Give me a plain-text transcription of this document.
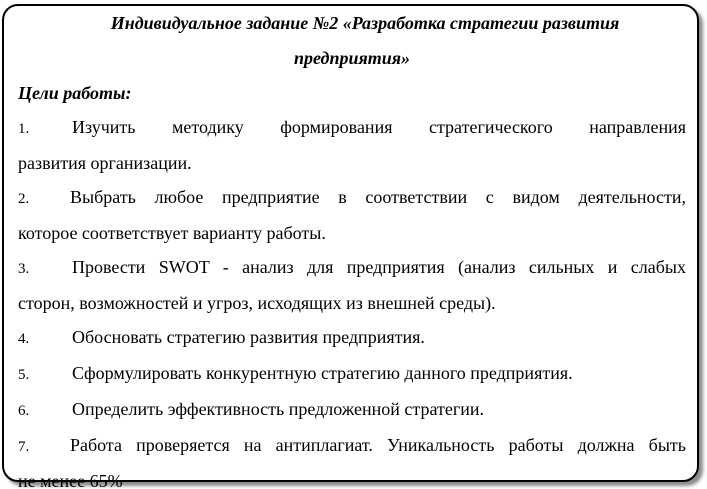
Индивидуальное задание №2 «Разработка стратегии развития
предприятия»

Цели работы:

1. Изучить методику формирования стратегического направления
развития организации.
2. Выбрать любое предприятие в соответствии с видом деятельности,
которое соответствует варианту работы.
3. Провести SWOT - анализ для предприятия (анализ сильных и слабых
сторон, возможностей и угроз, исходящих из внешней среды).
4. Обосновать стратегию развития предприятия.
5. Сформулировать конкурентную стратегию данного предприятия.
6. Определить эффективность предложенной стратегии.
7. Работа проверяется на антиплагиат. Уникальность работы должна быть
не менее 65%
